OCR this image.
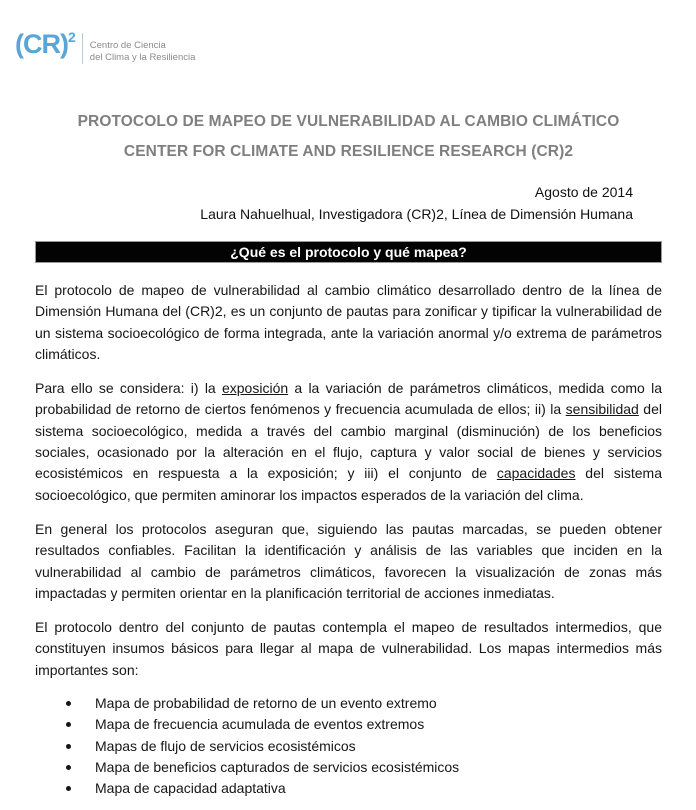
(CR)$^2$
Centro de Ciencia
del Clima y la Resiliencia
PROTOCOLO DE MAPEO DE VULNERABILIDAD AL CAMBIO CLIMÁTICO
CENTER FOR CLIMATE AND RESILIENCE RESEARCH (CR)2
Agosto de 2014
Laura Nahuelhual, Investigadora (CR)2, Línea de Dimensión Humana
¿Qué es el protocolo y qué mapea?

El protocolo de mapeo de vulnerabilidad al cambio climático desarrollado dentro de la línea de Dimensión Humana del (CR)2, es un conjunto de pautas para zonificar y tipificar la vulnerabilidad de un sistema socioecológico de forma integrada, ante la variación anormal y/o extrema de parámetros climáticos.

Para ello se considera: i) la exposición a la variación de parámetros climáticos, medida como la probabilidad de retorno de ciertos fenómenos y frecuencia acumulada de ellos; ii) la sensibilidad del sistema socioecológico, medida a través del cambio marginal (disminución) de los beneficios sociales, ocasionado por la alteración en el flujo, captura y valor social de bienes y servicios ecosistémicos en respuesta a la exposición; y iii) el conjunto de capacidades del sistema socioecológico, que permiten aminorar los impactos esperados de la variación del clima.

En general los protocolos aseguran que, siguiendo las pautas marcadas, se pueden obtener resultados confiables. Facilitan la identificación y análisis de las variables que inciden en la vulnerabilidad al cambio de parámetros climáticos, favorecen la visualización de zonas más impactadas y permiten orientar en la planificación territorial de acciones inmediatas.

El protocolo dentro del conjunto de pautas contempla el mapeo de resultados intermedios, que constituyen insumos básicos para llegar al mapa de vulnerabilidad. Los mapas intermedios más importantes son:

Mapa de probabilidad de retorno de un evento extremo
Mapa de frecuencia acumulada de eventos extremos
Mapas de flujo de servicios ecosistémicos
Mapa de beneficios capturados de servicios ecosistémicos
Mapa de capacidad adaptativa
